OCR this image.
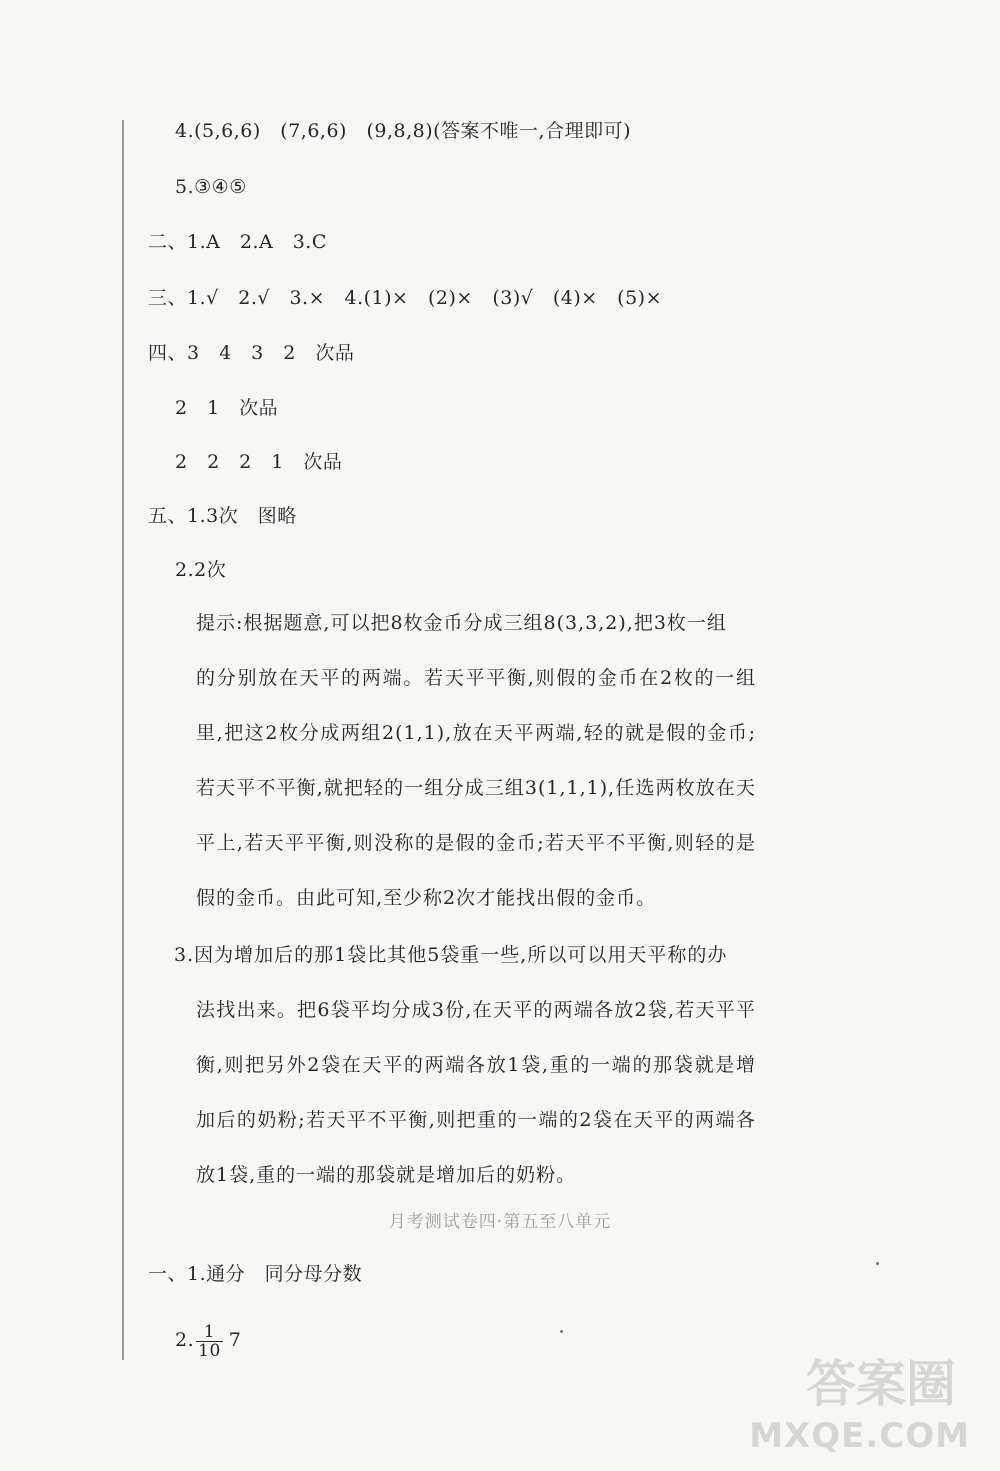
4.(5,6,6)　(7,6,6)　(9,8,8)(答案不唯一,合理即可)
5.③④⑤
二、1.A　2.A　3.C
三、1.√　2.√　3.×　4.(1)×　(2)×　(3)√　(4)×　(5)×
四、3　4　3　2　次品
2　1　次品
2　2　2　1　次品
五、1.3次　图略
2.2次
提示:根据题意,可以把8枚金币分成三组8(3,3,2),把3枚一组
的分别放在天平的两端。若天平平衡,则假的金币在2枚的一组里,把这2枚分成两组2(1,1),放在天平两端,轻的就是假的金币;若天平不平衡,就把轻的一组分成三组3(1,1,1),任选两枚放在天平上,若天平平衡,则没称的是假的金币;若天平不平衡,则轻的是假的金币。由此可知,至少称2次才能找出假的金币。
3.因为增加后的那1袋比其他5袋重一些,所以可以用天平称的办
法找出来。把6袋平均分成3份,在天平的两端各放2袋,若天平平衡,则把另外2袋在天平的两端各放1袋,重的一端的那袋就是增加后的奶粉;若天平不平衡,则把重的一端的2袋在天平的两端各放1袋,重的一端的那袋就是增加后的奶粉。
月考测试卷四·第五至八单元
一、1.通分　同分母分数
2. $\frac{1}{10} 7$
答案圈
MXQE.COM
